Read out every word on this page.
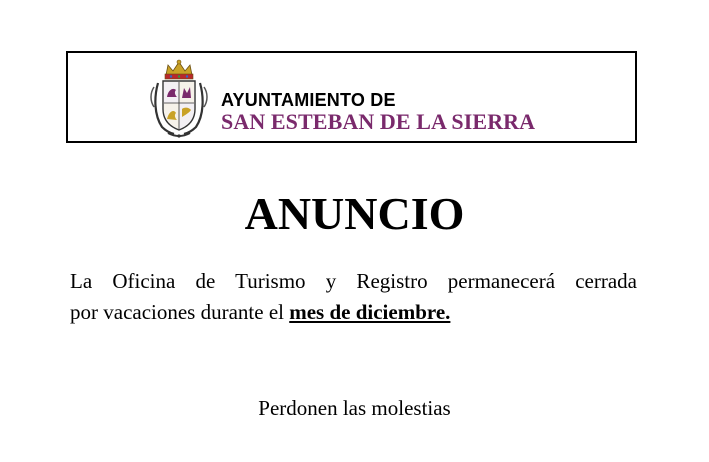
AYUNTAMIENTO DE
SAN ESTEBAN DE LA SIERRA
ANUNCIO
La Oficina de Turismo y Registro permanecerá cerrada
por vacaciones durante el mes de diciembre.
Perdonen las molestias
